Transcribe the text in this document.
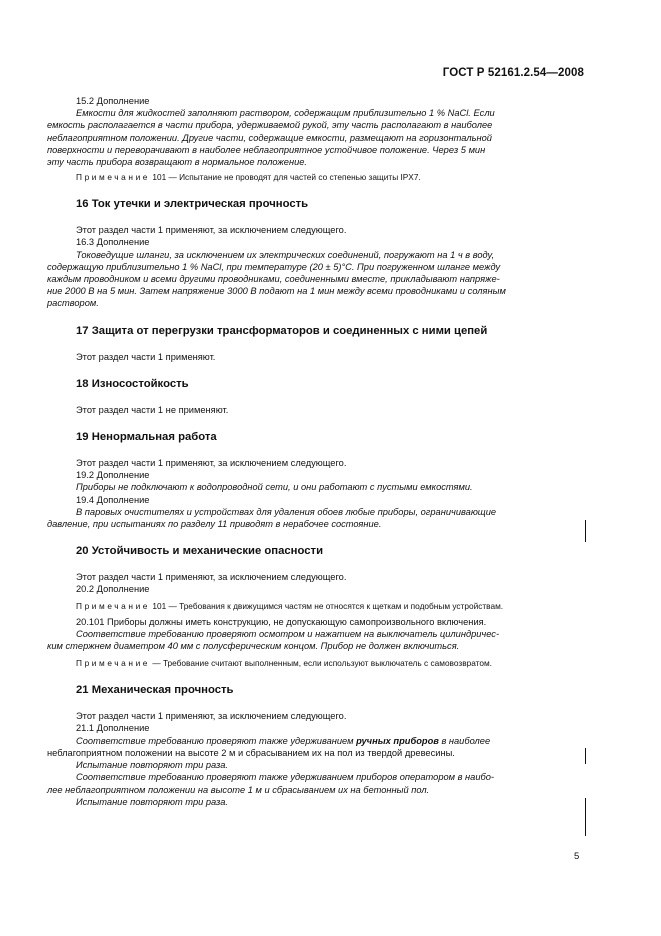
ГОСТ Р 52161.2.54—2008

15.2 Дополнение

Емкости для жидкостей заполняют раствором, содержащим приблизительно 1 % NaCl. Если

емкость располагается в части прибора, удерживаемой рукой, эту часть располагают в наиболее

неблагоприятном положении. Другие части, содержащие емкости, размещают на горизонтальной

поверхности и переворачивают в наиболее неблагоприятное устойчивое положение. Через 5 мин

эту часть прибора возвращают в нормальное положение.

Примечание 101 — Испытание не проводят для частей со степенью защиты IPX7.

16 Ток утечки и электрическая прочность

Этот раздел части 1 применяют, за исключением следующего.

16.3 Дополнение

Токоведущие шланги, за исключением их электрических соединений, погружают на 1 ч в воду,

содержащую приблизительно 1 % NaCl, при температуре (20 ± 5)°С. При погруженном шланге между

каждым проводником и всеми другими проводниками, соединенными вместе, прикладывают напряже-

ние 2000 В на 5 мин. Затем напряжение 3000 В подают на 1 мин между всеми проводниками и соляным

раствором.

17 Защита от перегрузки трансформаторов и соединенных с ними цепей

Этот раздел части 1 применяют.

18 Износостойкость

Этот раздел части 1 не применяют.

19 Ненормальная работа

Этот раздел части 1 применяют, за исключением следующего.

19.2 Дополнение

Приборы не подключают к водопроводной сети, и они работают с пустыми емкостями.

19.4 Дополнение

В паровых очистителях и устройствах для удаления обоев любые приборы, ограничивающие

давление, при испытаниях по разделу 11 приводят в нерабочее состояние.

20 Устойчивость и механические опасности

Этот раздел части 1 применяют, за исключением следующего.

20.2 Дополнение

Примечание 101 — Требования к движущимся частям не относятся к щеткам и подобным устройствам.

20.101 Приборы должны иметь конструкцию, не допускающую самопроизвольного включения.

Соответствие требованию проверяют осмотром и нажатием на выключатель цилиндричес-

ким стержнем диаметром 40 мм с полусферическим концом. Прибор не должен включиться.

Примечание — Требование считают выполненным, если используют выключатель с самовозвратом.

21 Механическая прочность

Этот раздел части 1 применяют, за исключением следующего.

21.1 Дополнение

Соответствие требованию проверяют также удерживанием ручных приборов в наиболее

неблагоприятном положении на высоте 2 м и сбрасыванием их на пол из твердой древесины.

Испытание повторяют три раза.

Соответствие требованию проверяют также удерживанием приборов оператором в наибо-

лее неблагоприятном положении на высоте 1 м и сбрасыванием их на бетонный пол.

Испытание повторяют три раза.

5
